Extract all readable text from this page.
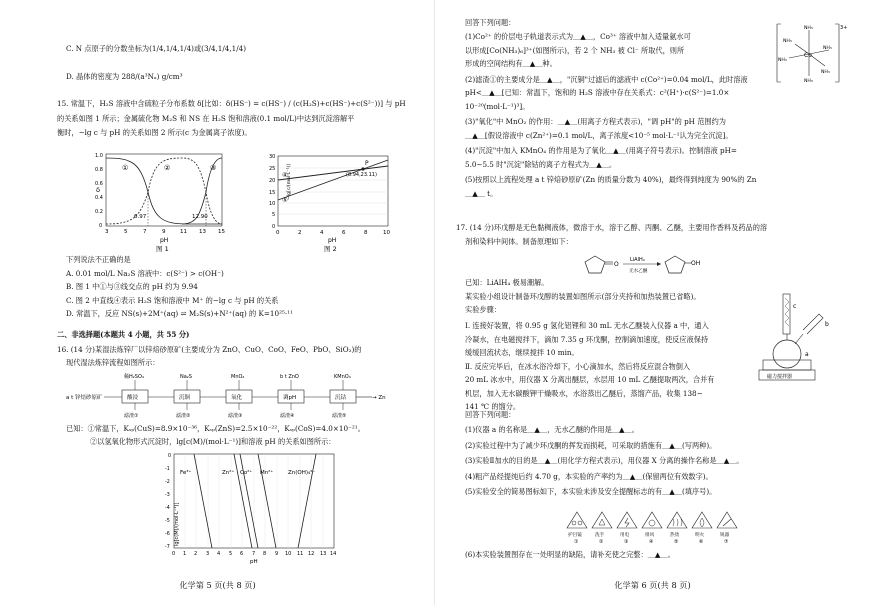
C. N 点原子的分数坐标为(1/4,1/4,1/4)或(3/4,1/4,1/4)
D. 晶体的密度为 288/(a³Nₐ) g/cm³
15. 常温下，H₂S 溶液中含硫粒子分布系数 δ[比如：δ(HS⁻) = c(HS⁻) / (c(H₂S)+c(HS⁻)+c(S²⁻))] 与 pH
的关系如图 1 所示；金属硫化物 M₂S 和 NS 在 H₂S 饱和溶液(0.1 mol/L)中达到沉淀溶解平
衡时，−lg c 与 pH 的关系如图 2 所示(c 为金属离子浓度)。
①	②	③
6.97	12.90
δ
0
0.2
0.4
0.6
0.8
1.0
3	5	7	9	11 13 15
pH
图 1
P
(8.94,23.11)
④
⑤ −lg[c/(mol·L⁻¹)]
0
5
10
15
20
25
30
0	2	4	6	8	10
pH
图 2
下列说法不正确的是
A. 0.01 mol/L Na₂S 溶液中：c(S²⁻) > c(OH⁻)
B. 图 1 中①与③线交点的 pH 约为 9.94
C. 图 2 中直线④表示 H₂S 饱和溶液中 M⁺ 的−lg c 与 pH 的关系
D. 常温下，反应 NS(s)+2M⁺(aq) ⇌ M₂S(s)+N²⁺(aq) 的 K=10²⁵·¹¹
二、非选择题(本题共 4 小题，共 55 分)
16. (14 分)某湿法炼锌厂以锌焙砂原矿(主要成分为 ZnO、CuO、CoO、FeO、PbO、SiO₂)的
现代湿法炼锌流程如图所示：
a t 锌焙砂原矿	酸浸	沉铜	氧化	调pH	沉钴	→ Zn
稀H₂SO₄	Na₂S	MnO₂	b t ZnO	KMnO₄
滤渣①	滤渣②	滤渣③	滤渣④	滤渣⑤
已知：①常温下，Kₛₚ(CuS)=8.9×10⁻³⁶，Kₛₚ(ZnS)=2.5×10⁻²²，Kₛₚ(CoS)=4.0×10⁻²¹。
②以氢氧化物形式沉淀时，lg[c(M)/(mol·L⁻¹)]和溶液 pH 的关系如图所示：
Fe³⁺	Zn²⁺ Co²⁺ Mn²⁺	Zn(OH)₄²⁻
lg[c(M)/(mol·L⁻¹)]
0
-1
-2
-3
-4
-5
-6
-7
0 1 2 3 4 5 6 7 8 9 10 11 12 13 14
pH
化学第 5 页(共 8 页)
回答下列问题：
(1)Co²⁺ 的价层电子轨道表示式为＿▲＿，Co³⁺ 溶液中加入适量氨水可
以形成[Co(NH₃)₆]³⁺(如图所示)，若 2 个 NH₃ 被 Cl⁻ 所取代，则所
形成的空间结构有＿▲＿种。
(2)滤渣①的主要成分是＿▲＿，"沉铜"过滤后的滤液中 c(Co²⁺)=0.04 mol/L，此时溶液
pH<＿▲＿[已知：常温下，饱和的 H₂S 溶液中存在关系式：c²(H⁺)·c(S²⁻)=1.0×
10⁻²⁰(mol·L⁻¹)³]。
(3)"氧化"中 MnO₂ 的作用：＿▲＿(用离子方程式表示)，"调 pH"的 pH 范围约为
＿▲＿[假设溶液中 c(Zn²⁺)=0.1 mol/L，离子浓度<10⁻⁵ mol·L⁻¹认为完全沉淀]。
(4)"沉淀"中加入 KMnO₄ 的作用是为了氧化＿▲＿(用离子符号表示)。控制溶液 pH=
5.0∼5.5 时"沉淀"除钴的离子方程式为＿▲＿。
(5)按照以上流程处理 a t 锌焙砂原矿(Zn 的质量分数为 40%)，最终得到纯度为 90%的 Zn
＿▲＿ t。
3+
Co
NH₃
NH₃
NH₃
NH₃
NH₃
NH₃
17. (14 分)环戊醇是无色黏稠液体，微溶于水，溶于乙醇、丙酮、乙醚，主要用作香料及药品的溶
剂和染料中间体。制备原理如下：
O
LiAlH₄
无水乙醚
OH
已知：LiAlH₄ 极易潮解。
某实验小组设计制备环戊醇的装置如图所示(部分夹持和加热装置已省略)。
实验步骤：
Ⅰ. 连接好装置，将 0.95 g 氢化铝锂和 30 mL 无水乙醚装入仪器 a 中，通入
冷凝水，在电磁搅拌下，滴加 7.35 g 环戊酮，控制滴加速度，使反应液保持
缓缓回流状态，继续搅拌 10 min。
Ⅱ. 反应完毕后，在冰水浴冷却下，小心滴加水，然后将反应混合物倒入
20 mL 冰水中，用仪器 X 分离出醚层，水层用 10 mL 乙醚提取两次，合并有
机层，加入无水碳酸钾干燥吸水，水浴蒸出乙醚后，蒸馏产品，收集 138∼
141 ℃ 的馏分。
c
b
a
磁力搅拌器
回答下列问题：
(1)仪器 a 的名称是＿▲＿，无水乙醚的作用是＿▲＿。
(2)实验过程中为了减少环戊酮的挥发而损耗，可采取的措施有＿▲＿(写两种)。
(3)实验Ⅱ加水的目的是＿▲＿(用化学方程式表示)，用仪器 X 分离的操作名称是＿▲＿。
(4)粗产品经提纯后约 4.70 g，本实验的产率约为＿▲＿(保留两位有效数字)。
(5)实验安全的简易图标如下，本实验未涉及安全提醒标志的有＿▲＿(填序号)。
护目镜
①
洗手
②
用电
③
排风
④
热烫
⑤
明火
⑥
锐器
⑦
(6)本实验装置图存在一处明显的缺陷，请补充使之完整：＿▲＿。
化学第 6 页(共 8 页)
